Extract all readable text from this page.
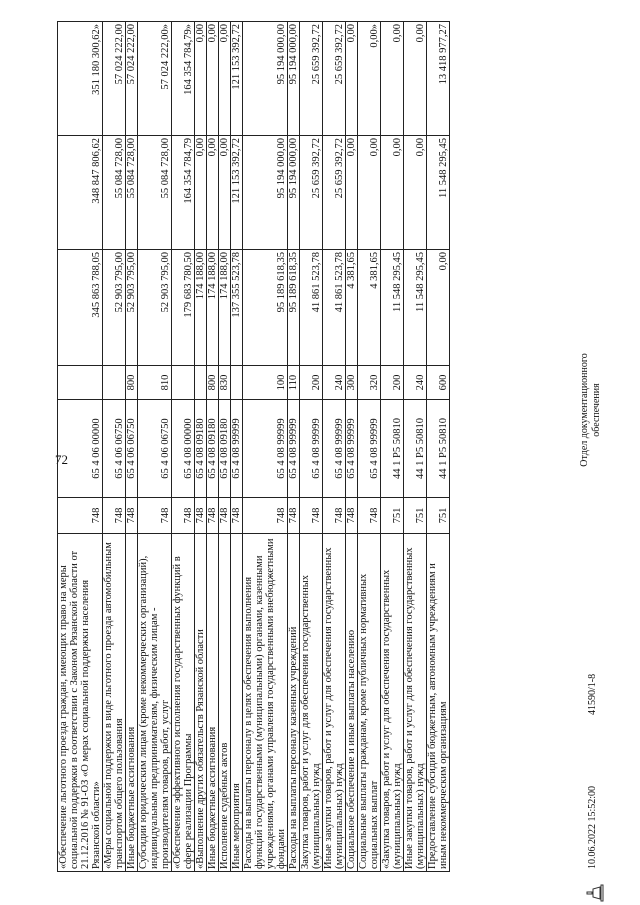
72
«Обеспечение льготного проезда граждан, имеющих право на меры социальной поддержки в соответствии с Законом Рязанской области от 21.12.2016 № 91-ОЗ «О мерах социальной поддержки населения Рязанской области»	748	65 4 06 00000		345 863 788,05	348 847 806,62	351 180 300,62»
«Меры социальной поддержки в виде льготного проезда автомобильным транспортом общего пользования	748	65 4 06 06750		52 903 795,00	55 084 728,00	57 024 222,00
Иные бюджетные ассигнования	748	65 4 06 06750	800	52 903 795,00	55 084 728,00	57 024 222,00
Субсидии юридическим лицам (кроме некоммерческих организаций), индивидуальным предпринимателям, физическим лицам - производителям товаров, работ, услуг	748	65 4 06 06750	810	52 903 795,00	55 084 728,00	57 024 222,00»
«Обеспечение эффективного исполнения государственных функций в сфере реализации Программы	748	65 4 08 00000		179 683 780,50	164 354 784,79	164 354 784,79»
«Выполнение других обязательств Рязанской области	748	65 4 08 09180		174 188,00	0,00	0,00
Иные бюджетные ассигнования	748	65 4 08 09180	800	174 188,00	0,00	0,00
Исполнение судебных актов	748	65 4 08 09180	830	174 188,00	0,00	0,00
Иные мероприятия	748	65 4 08 99999		137 355 523,78	121 153 392,72	121 153 392,72
Расходы на выплаты персоналу в целях обеспечения выполнения функций государственными (муниципальными) органами, казенными учреждениями, органами управления государственными внебюджетными фондами	748	65 4 08 99999	100	95 189 618,35	95 194 000,00	95 194 000,00
Расходы на выплаты персоналу казенных учреждений	748	65 4 08 99999	110	95 189 618,35	95 194 000,00	95 194 000,00
Закупка товаров, работ и услуг для обеспечения государственных (муниципальных) нужд	748	65 4 08 99999	200	41 861 523,78	25 659 392,72	25 659 392,72
Иные закупки товаров, работ и услуг для обеспечения государственных (муниципальных) нужд	748	65 4 08 99999	240	41 861 523,78	25 659 392,72	25 659 392,72
Социальное обеспечение и иные выплаты населению	748	65 4 08 99999	300	4 381,65	0,00	0,00
Социальные выплаты гражданам, кроме публичных нормативных социальных выплат	748	65 4 08 99999	320	4 381,65	0,00	0,00»
«Закупка товаров, работ и услуг для обеспечения государственных (муниципальных) нужд	751	44 1 P5 50810	200	11 548 295,45	0,00	0,00
Иные закупки товаров, работ и услуг для обеспечения государственных (муниципальных) нужд	751	44 1 P5 50810	240	11 548 295,45	0,00	0,00
Предоставление субсидий бюджетным, автономным учреждениям и иным некоммерческим организациям	751	44 1 P5 50810	600	0,00	11 548 295,45	13 418 977,27
10.06.2022 15:52:00
41590/1-8
Отдел документационного обеспечения
